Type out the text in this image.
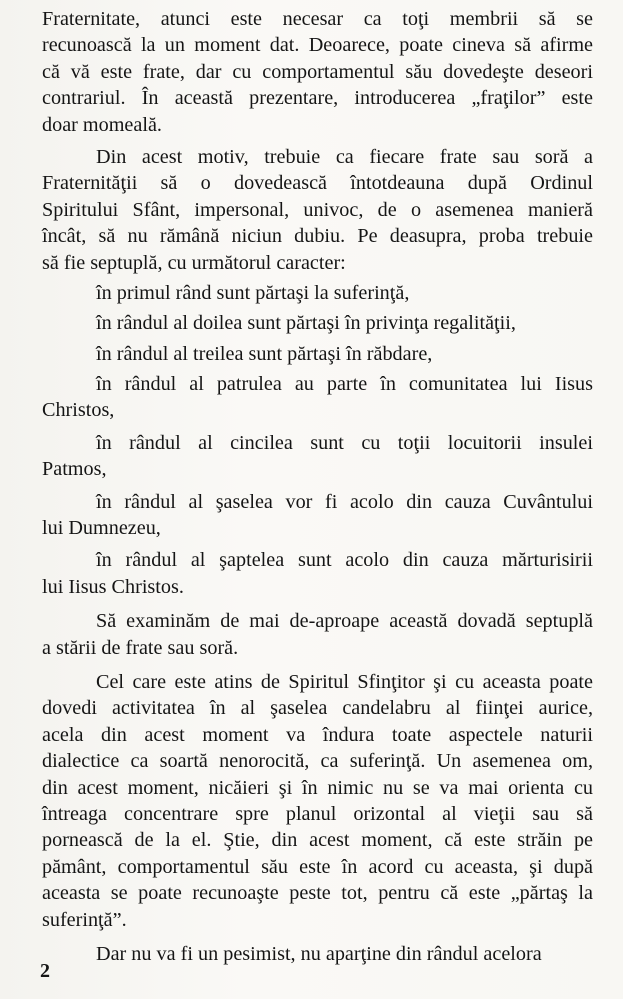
Fraternitate, atunci este necesar ca toţi membrii să se
recunoască la un moment dat. Deoarece, poate cineva să afirme
că vă este frate, dar cu comportamentul său dovedeşte deseori
contrariul. În această prezentare, introducerea „fraţilor” este
doar momeală.
Din acest motiv, trebuie ca fiecare frate sau soră a
Fraternităţii să o dovedească întotdeauna după Ordinul
Spiritului Sfânt, impersonal, univoc, de o asemenea manieră
încât, să nu rămână niciun dubiu. Pe deasupra, proba trebuie
să fie septuplă, cu următorul caracter:
în primul rând sunt părtaşi la suferinţă,
în rândul al doilea sunt părtaşi în privinţa regalităţii,
în rândul al treilea sunt părtaşi în răbdare,
în rândul al patrulea au parte în comunitatea lui Iisus
Christos,
în rândul al cincilea sunt cu toţii locuitorii insulei
Patmos,
în rândul al şaselea vor fi acolo din cauza Cuvântului
lui Dumnezeu,
în rândul al şaptelea sunt acolo din cauza mărturisirii
lui Iisus Christos.
Să examinăm de mai de-aproape această dovadă septuplă
a stării de frate sau soră.
Cel care este atins de Spiritul Sfinţitor şi cu aceasta poate
dovedi activitatea în al şaselea candelabru al fiinţei aurice,
acela din acest moment va îndura toate aspectele naturii
dialectice ca soartă nenorocită, ca suferinţă. Un asemenea om,
din acest moment, nicăieri şi în nimic nu se va mai orienta cu
întreaga concentrare spre planul orizontal al vieţii sau să
pornească de la el. Ştie, din acest moment, că este străin pe
pământ, comportamentul său este în acord cu aceasta, şi după
aceasta se poate recunoaşte peste tot, pentru că este „părtaş la
suferinţă”.
Dar nu va fi un pesimist, nu aparţine din rândul acelora
2
